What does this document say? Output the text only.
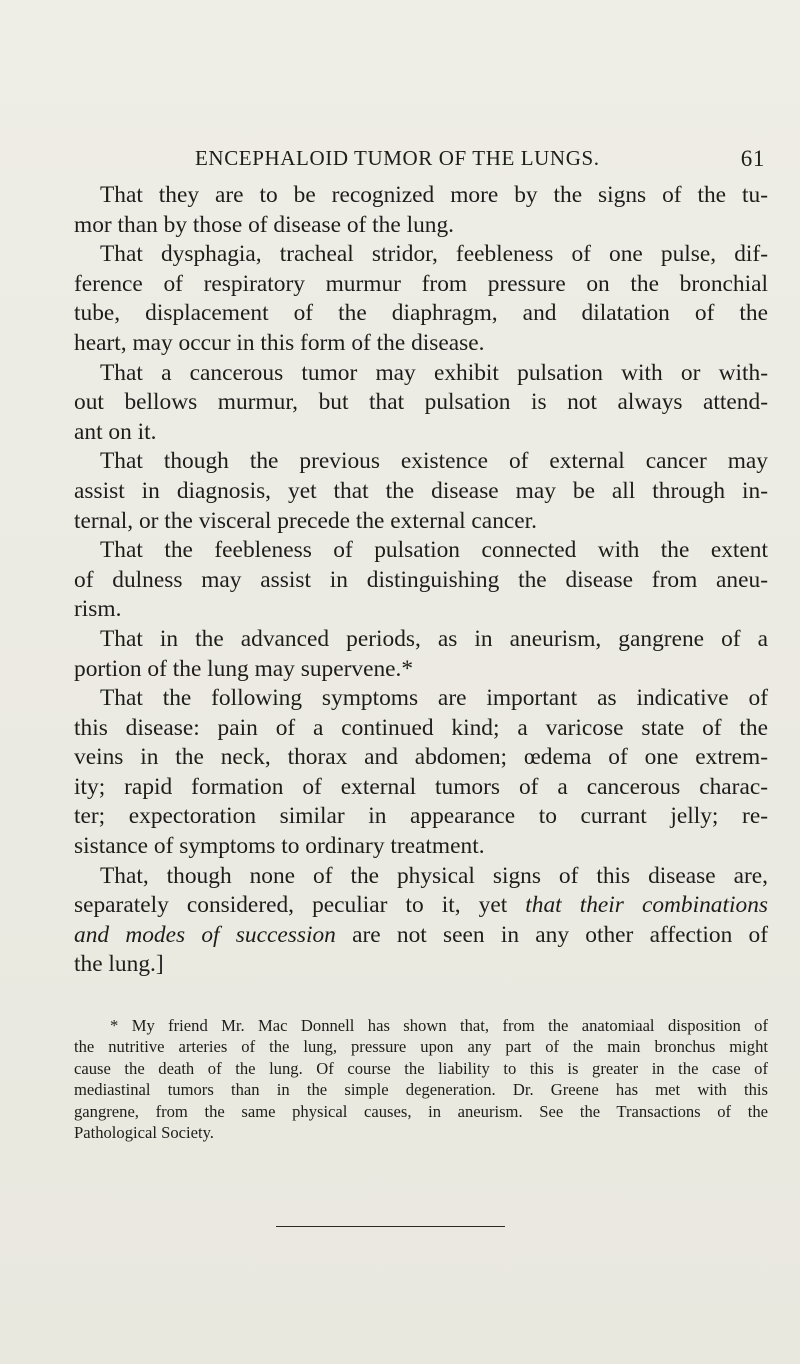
ENCEPHALOID TUMOR OF THE LUNGS.	61
That they are to be recognized more by the signs of the tu-
mor than by those of disease of the lung.
That dysphagia, tracheal stridor, feebleness of one pulse, dif-
ference of respiratory murmur from pressure on the bronchial
tube, displacement of the diaphragm, and dilatation of the
heart, may occur in this form of the disease.
That a cancerous tumor may exhibit pulsation with or with-
out bellows murmur, but that pulsation is not always attend-
ant on it.
That though the previous existence of external cancer may
assist in diagnosis, yet that the disease may be all through in-
ternal, or the visceral precede the external cancer.
That the feebleness of pulsation connected with the extent
of dulness may assist in distinguishing the disease from aneu-
rism.
That in the advanced periods, as in aneurism, gangrene of a
portion of the lung may supervene.*
That the following symptoms are important as indicative of
this disease: pain of a continued kind; a varicose state of the
veins in the neck, thorax and abdomen; œdema of one extrem-
ity; rapid formation of external tumors of a cancerous charac-
ter; expectoration similar in appearance to currant jelly; re-
sistance of symptoms to ordinary treatment.
That, though none of the physical signs of this disease are,
separately considered, peculiar to it, yet that their combinations
and modes of succession are not seen in any other affection of
the lung.]
* My friend Mr. Mac Donnell has shown that, from the anatomiaal disposition of
the nutritive arteries of the lung, pressure upon any part of the main bronchus might
cause the death of the lung. Of course the liability to this is greater in the case of
mediastinal tumors than in the simple degeneration. Dr. Greene has met with this
gangrene, from the same physical causes, in aneurism. See the Transactions of the
Pathological Society.
